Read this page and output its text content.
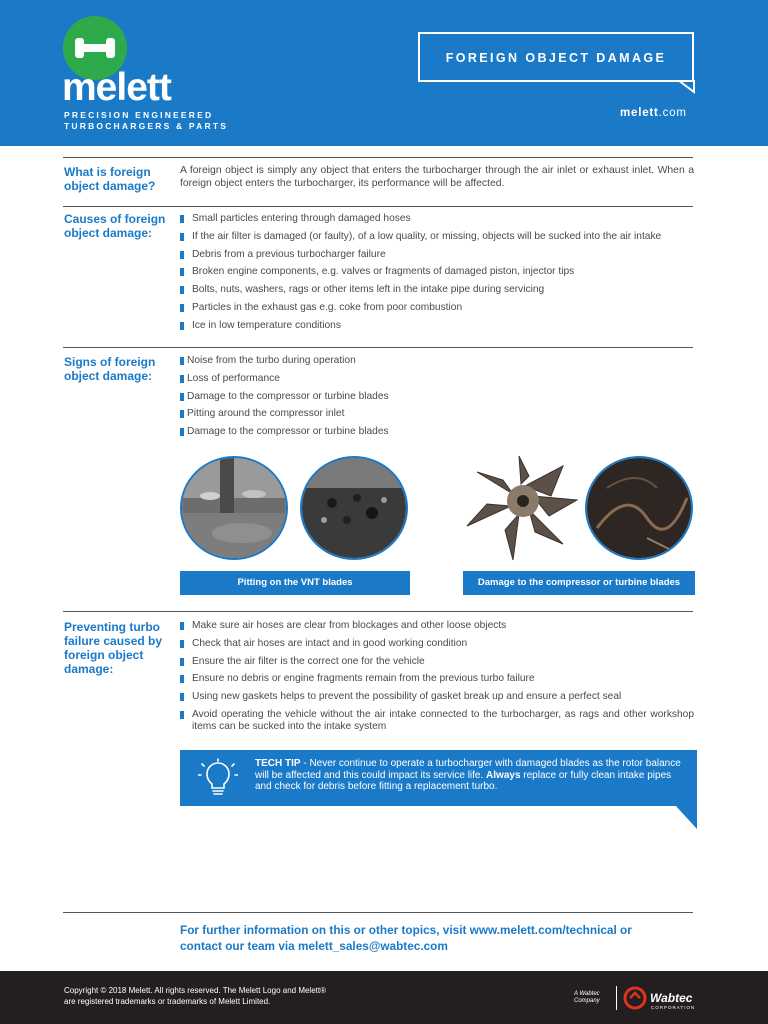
melett
PRECISION ENGINEERED
TURBOCHARGERS & PARTS
FOREIGN OBJECT DAMAGE
melett.com
What is foreign object damage?
A foreign object is simply any object that enters the turbocharger through the air inlet or exhaust inlet. When a foreign object enters the turbocharger, its performance will be affected.
Causes of foreign object damage:
Small particles entering through damaged hoses
If the air filter is damaged (or faulty), of a low quality, or missing, objects will be sucked into the air intake
Debris from a previous turbocharger failure
Broken engine components, e.g. valves or fragments of damaged piston, injector tips
Bolts, nuts, washers, rags or other items left in the intake pipe during servicing
Particles in the exhaust gas e.g. coke from poor combustion
Ice in low temperature conditions
Signs of foreign object damage:
Noise from the turbo during operation
Loss of performance
Damage to the compressor or turbine blades
Pitting around the compressor inlet
Damage to the compressor or turbine blades
Pitting on the VNT blades	Damage to the compressor or turbine blades
Preventing turbo failure caused by foreign object damage:
Make sure air hoses are clear from blockages and other loose objects
Check that air hoses are intact and in good working condition
Ensure the air filter is the correct one for the vehicle
Ensure no debris or engine fragments remain from the previous turbo failure
Using new gaskets helps to prevent the possibility of gasket break up and ensure a perfect seal
Avoid operating the vehicle without the air intake connected to the turbocharger, as rags and other workshop items can be sucked into the intake system
TECH TIP - Never continue to operate a turbocharger with damaged blades as the rotor balance will be affected and this could impact its service life. Always replace or fully clean intake pipes and check for debris before fitting a replacement turbo.
For further information on this or other topics, visit www.melett.com/technical or
contact our team via melett_sales@wabtec.com
Copyright © 2018 Melett. All rights reserved. The Melett Logo and Melett®
are registered trademarks or trademarks of Melett Limited.
A Wabtec
Company	Wabtec
CORPORATION
